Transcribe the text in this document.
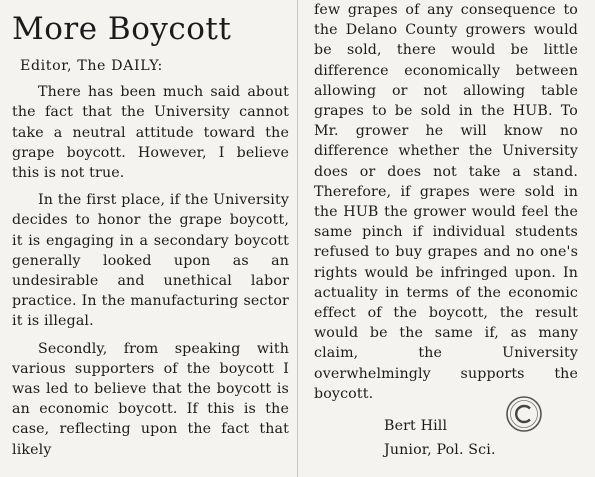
More Boycott

Editor, The DAILY:

There has been much said about the fact that the University cannot take a neutral attitude toward the grape boycott. However, I believe this is not true.

In the first place, if the University decides to honor the grape boycott, it is engaging in a secondary boycott generally looked upon as an undesirable and unethical labor practice. In the manufacturing sector it is illegal.

Secondly, from speaking with various supporters of the boycott I was led to believe that the boycott is an economic boycott. If this is the case, reflecting upon the fact that likely

few grapes of any consequence to the Delano County growers would be sold, there would be little difference economically between allowing or not allowing table grapes to be sold in the HUB. To Mr. grower he will know no difference whether the University does or does not take a stand. Therefore, if grapes were sold in the HUB the grower would feel the same pinch if individual students refused to buy grapes and no one's rights would be infringed upon. In actuality in terms of the economic effect of the boycott, the result would be the same if, as many claim, the University overwhelmingly supports the boycott.

Bert Hill

Junior, Pol. Sci.
